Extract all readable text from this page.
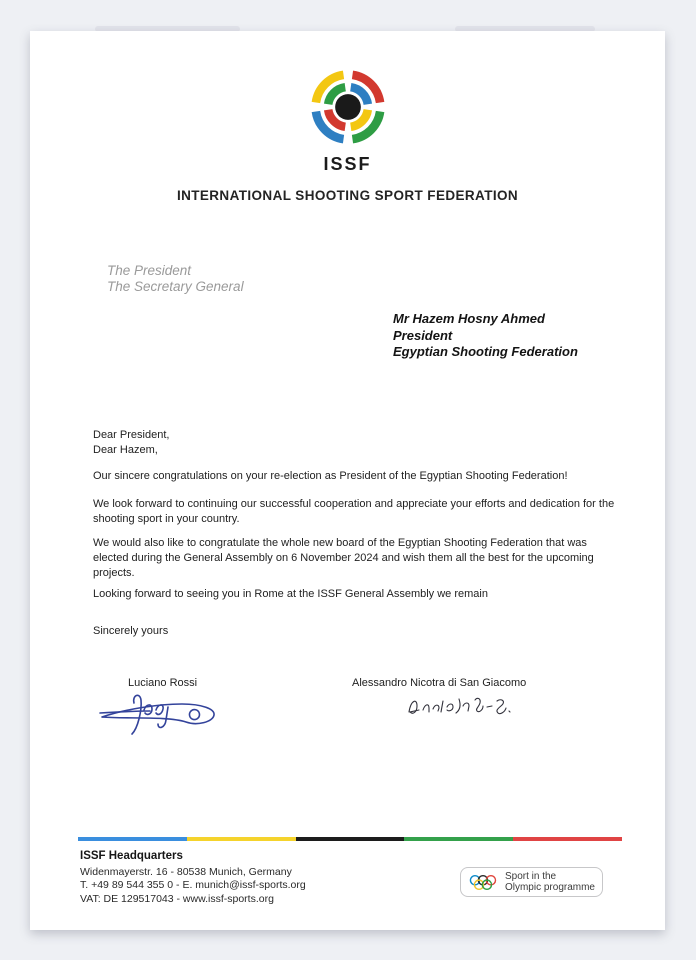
ISSF
INTERNATIONAL SHOOTING SPORT FEDERATION
The President
The Secretary General
Mr Hazem Hosny Ahmed
President
Egyptian Shooting Federation
Dear President,
Dear Hazem,

Our sincere congratulations on your re-election as President of the Egyptian Shooting Federation!

We look forward to continuing our successful cooperation and appreciate your efforts and dedication for the shooting sport in your country.

We would also like to congratulate the whole new board of the Egyptian Shooting Federation that was elected during the General Assembly on 6 November 2024 and wish them all the best for the upcoming projects.

Looking forward to seeing you in Rome at the ISSF General Assembly we remain

Sincerely yours
Luciano Rossi	Alessandro Nicotra di San Giacomo
ISSF Headquarters
Widenmayerstr. 16 - 80538 Munich, Germany
T. +49 89 544 355 0 - E. munich@issf-sports.org
VAT: DE 129517043 - www.issf-sports.org
Sport in the
Olympic programme
